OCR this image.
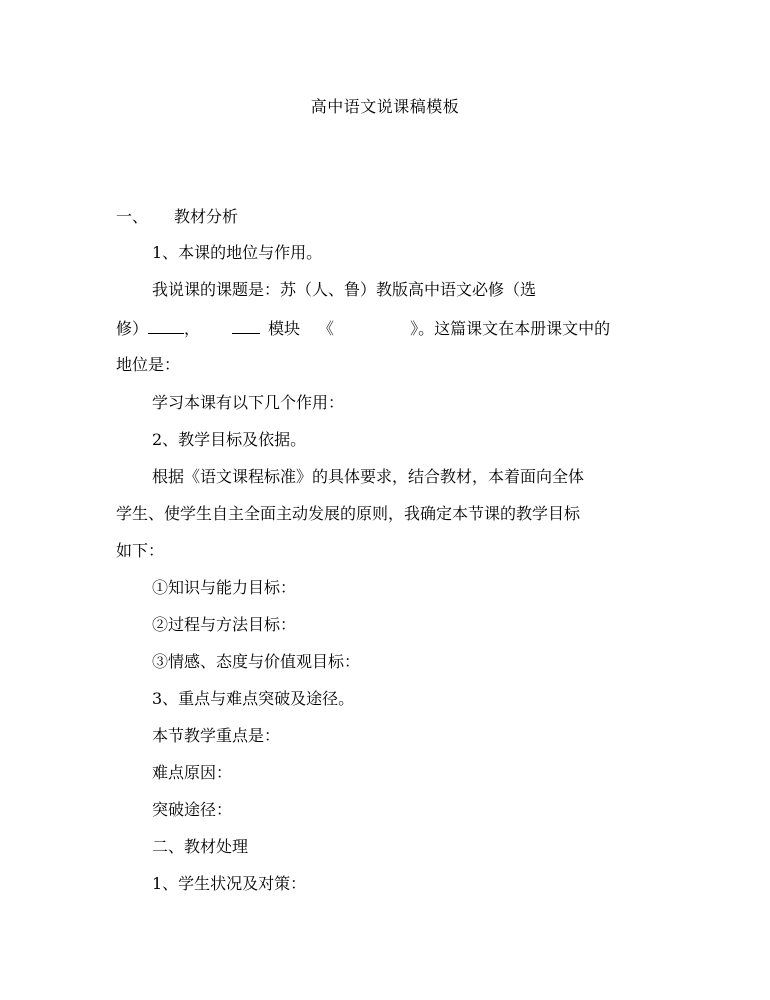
高中语文说课稿模板
一、 教材分析
1、本课的地位与作用。
我说课的课题是：苏（人、鲁）教版高中语文必修（选
修） ，	模块 《	》。这篇课文在本册课文中的
地位是：
学习本课有以下几个作用：
2、教学目标及依据。
根据《语文课程标准》的具体要求，结合教材，本着面向全体
学生、使学生自主全面主动发展的原则，我确定本节课的教学目标
如下：
①知识与能力目标：
②过程与方法目标：
③情感、态度与价值观目标：
3、重点与难点突破及途径。
本节教学重点是：
难点原因：
突破途径：
二、教材处理
1、学生状况及对策：
